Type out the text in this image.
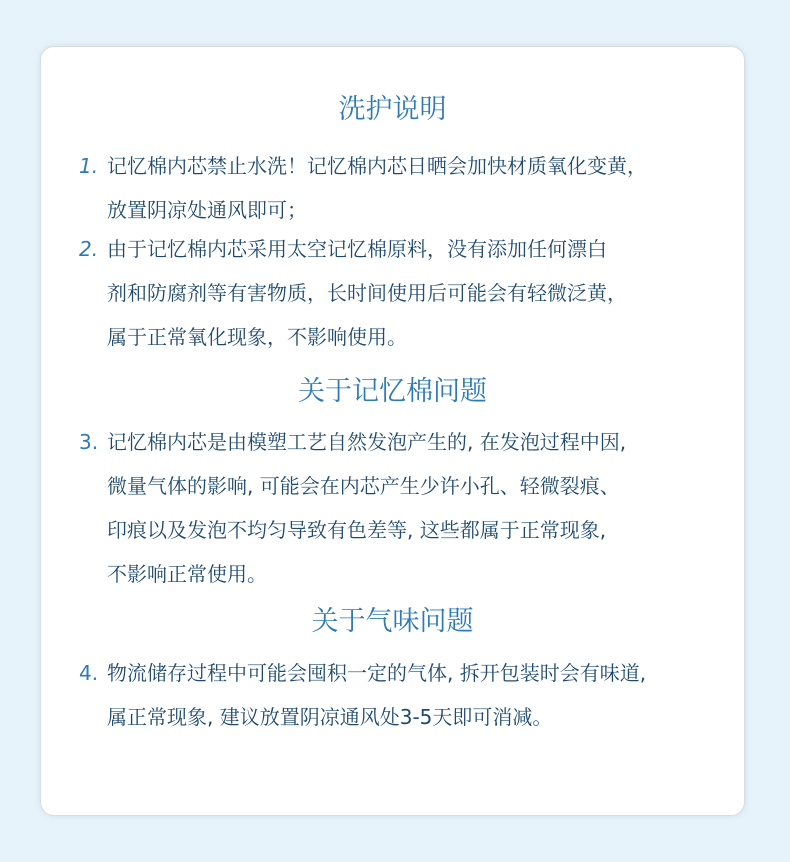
洗护说明
1. 记忆棉内芯禁止水洗！记忆棉内芯日晒会加快材质氧化变黄，
放置阴凉处通风即可；
2. 由于记忆棉内芯采用太空记忆棉原料，没有添加任何漂白
剂和防腐剂等有害物质，长时间使用后可能会有轻微泛黄，
属于正常氧化现象，不影响使用。
关于记忆棉问题
3. 记忆棉内芯是由模塑工艺自然发泡产生的, 在发泡过程中因,
微量气体的影响, 可能会在内芯产生少许小孔、轻微裂痕、
印痕以及发泡不均匀导致有色差等, 这些都属于正常现象,
不影响正常使用。
关于气味问题
4. 物流储存过程中可能会囤积一定的气体, 拆开包装时会有味道,
属正常现象, 建议放置阴凉通风处3-5天即可消减。
